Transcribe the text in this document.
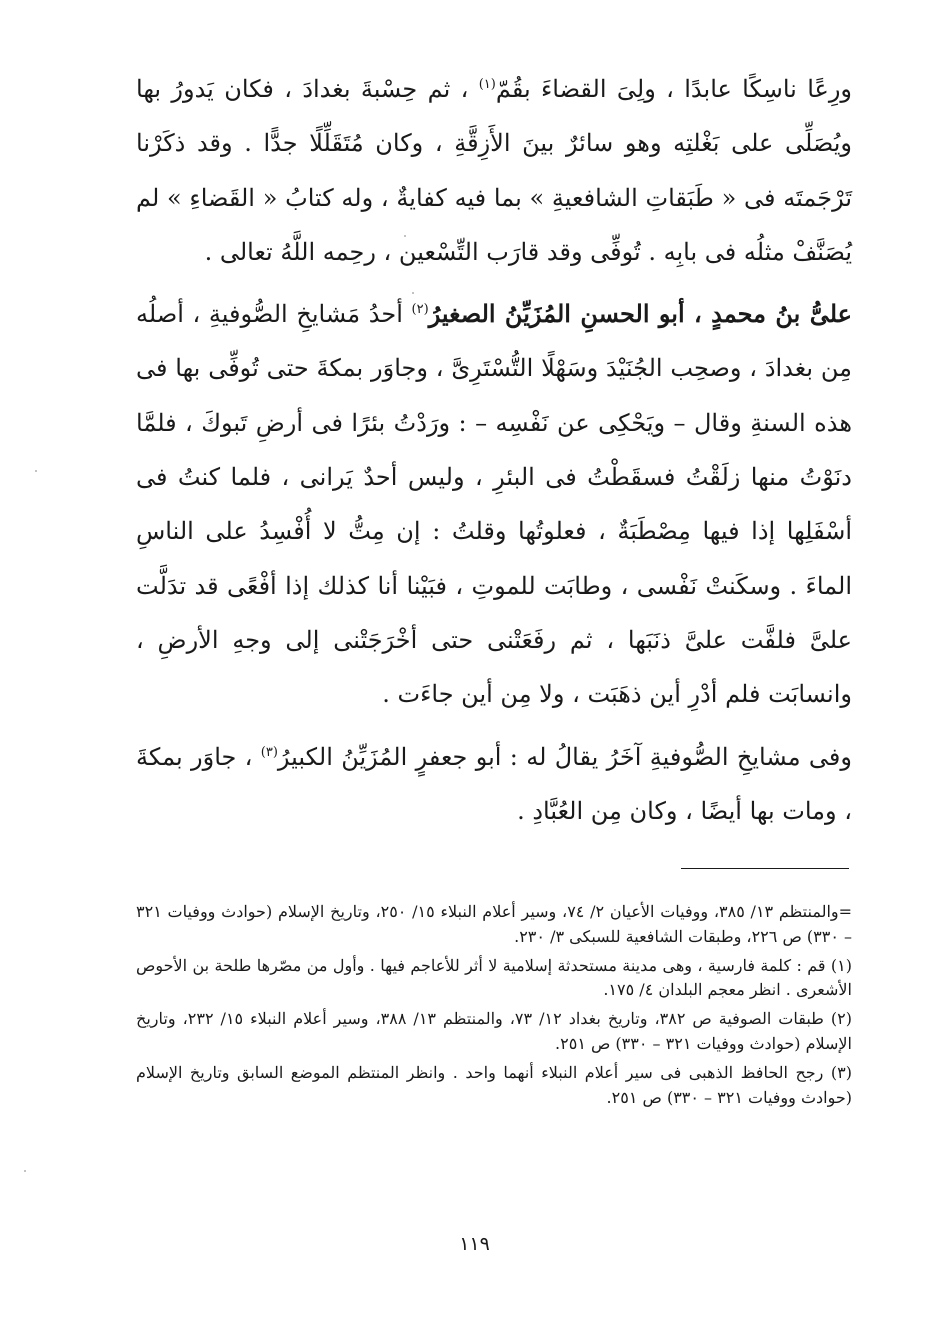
ورِعًا ناسِكًا عابدًا ، ولِىَ القضاءَ بقُمّ$^{(١)}$ ، ثم حِسْبةَ بغدادَ ، فكان يَدورُ بها ويُصَلِّى على بَغْلتِه وهو سائرٌ بينَ الأَزِقَّةِ ، وكان مُتَقَلِّلًا جدًّا . وقد ذكَرْنا تَرْجَمتَه فى « طَبَقاتِ الشافعيةِ » بما فيه كفايةٌ ، وله كتابُ « القَضاءِ » لم يُصَنَّفْ مثلُه فى بابِه . تُوفِّى وقد قارَب التِّسْعين ، رحِمه اللَّهُ تعالى .

علىُّ بنُ محمدٍ ، أبو الحسنِ المُزَيِّنُ الصغيرُ$^{(٢)}$ أحدُ مَشايخِ الصُّوفيةِ ، أصلُه مِن بغدادَ ، وصحِب الجُنَيْدَ وسَهْلًا التُّسْتَرِىَّ ، وجاوَر بمكةَ حتى تُوفِّى بها فى هذه السنةِ وقال – ويَحْكِى عن نَفْسِه – : ورَدْتُ بئرًا فى أرضِ تَبوكَ ، فلمَّا دنَوْتُ منها زلَقْتُ فسقَطْتُ فى البئرِ ، وليس أحدٌ يَرانى ، فلما كنتُ فى أسْفَلِها إذا فيها مِصْطَبَةٌ ، فعلوتُها وقلتُ : إن مِتُّ لا أُفْسِدُ على الناسِ الماءَ . وسكَنتْ نَفْسى ، وطابَت للموتِ ، فبَيْنا أنا كذلك إذا أفْعًى قد تدَلَّت علىَّ فلفَّت علىَّ ذنَبَها ، ثم رفَعَتْنى حتى أخْرَجَتْنى إلى وجهِ الأرضِ ، وانسابَت فلم أدْرِ أين ذهَبَت ، ولا مِن أين جاءَت .

وفى مشايخِ الصُّوفيةِ آخَرُ يقالُ له : أبو جعفرٍ المُزَيِّنُ الكبيرُ$^{(٣)}$ ، جاوَر بمكةَ ، ومات بها أيضًا ، وكان مِن العُبَّادِ .

=والمنتظم ١٣/ ٣٨٥، ووفيات الأعيان ٢/ ٧٤، وسير أعلام النبلاء ١٥/ ٢٥٠، وتاريخ الإسلام (حوادث ووفيات ٣٢١ – ٣٣٠) ص ٢٢٦، وطبقات الشافعية للسبكى ٣/ ٢٣٠.

(١) قم : كلمة فارسية ، وهى مدينة مستحدثة إسلامية لا أثر للأعاجم فيها . وأول من مصّرها طلحة بن الأحوص الأشعرى . انظر معجم البلدان ٤/ ١٧٥.

(٢) طبقات الصوفية ص ٣٨٢، وتاريخ بغداد ١٢/ ٧٣، والمنتظم ١٣/ ٣٨٨، وسير أعلام النبلاء ١٥/ ٢٣٢، وتاريخ الإسلام (حوادث ووفيات ٣٢١ – ٣٣٠) ص ٢٥١.

(٣) رجح الحافظ الذهبى فى سير أعلام النبلاء أنهما واحد . وانظر المنتظم الموضع السابق وتاريخ الإسلام (حوادث ووفيات ٣٢١ – ٣٣٠) ص ٢٥١.

١١٩
